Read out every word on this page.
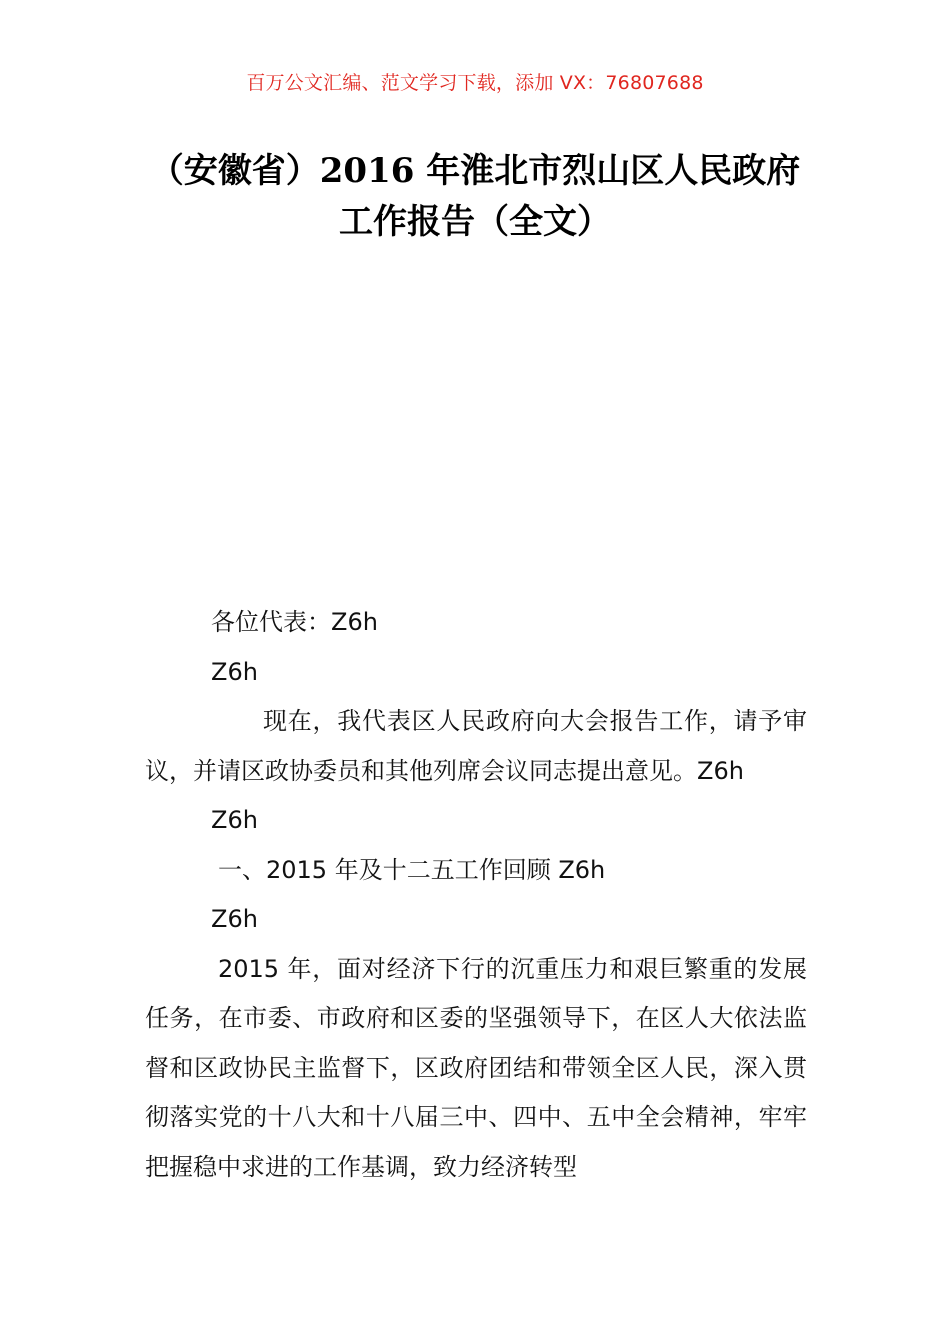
百万公文汇编、范文学习下载，添加 VX：76807688
（安徽省）2016 年淮北市烈山区人民政府
工作报告（全文）
各位代表：Z6h
Z6h
现在，我代表区人民政府向大会报告工作，请予审议，并请区政协委员和其他列席会议同志提出意见。Z6h
Z6h
一、2015 年及十二五工作回顾 Z6h
Z6h
2015 年，面对经济下行的沉重压力和艰巨繁重的发展任务，在市委、市政府和区委的坚强领导下，在区人大依法监督和区政协民主监督下，区政府团结和带领全区人民，深入贯彻落实党的十八大和十八届三中、四中、五中全会精神，牢牢把握稳中求进的工作基调，致力经济转型
